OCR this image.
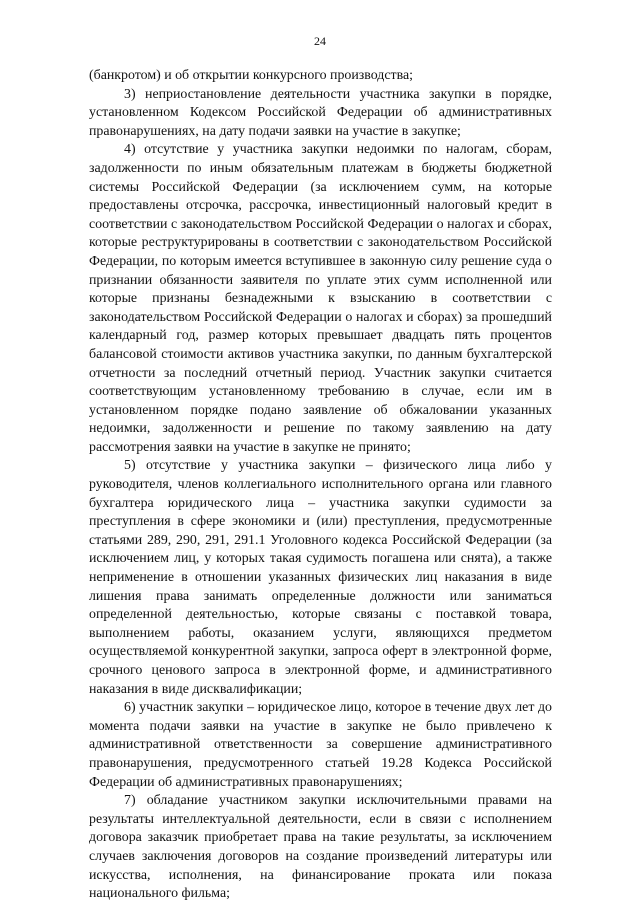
24

(банкротом) и об открытии конкурсного производства;

3) неприостановление деятельности участника закупки в порядке, установленном Кодексом Российской Федерации об административных правонарушениях, на дату подачи заявки на участие в закупке;

4) отсутствие у участника закупки недоимки по налогам, сборам, задолженности по иным обязательным платежам в бюджеты бюджетной системы Российской Федерации (за исключением сумм, на которые предоставлены отсрочка, рассрочка, инвестиционный налоговый кредит в соответствии с законодательством Российской Федерации о налогах и сборах, которые реструктурированы в соответствии с законодательством Российской Федерации, по которым имеется вступившее в законную силу решение суда о признании обязанности заявителя по уплате этих сумм исполненной или которые признаны безнадежными к взысканию в соответствии с законодательством Российской Федерации о налогах и сборах) за прошедший календарный год, размер которых превышает двадцать пять процентов балансовой стоимости активов участника закупки, по данным бухгалтерской отчетности за последний отчетный период. Участник закупки считается соответствующим установленному требованию в случае, если им в установленном порядке подано заявление об обжаловании указанных недоимки, задолженности и решение по такому заявлению на дату рассмотрения заявки на участие в закупке не принято;

5) отсутствие у участника закупки – физического лица либо у руководителя, членов коллегиального исполнительного органа или главного бухгалтера юридического лица – участника закупки судимости за преступления в сфере экономики и (или) преступления, предусмотренные статьями 289, 290, 291, 291.1 Уголовного кодекса Российской Федерации (за исключением лиц, у которых такая судимость погашена или снята), а также неприменение в отношении указанных физических лиц наказания в виде лишения права занимать определенные должности или заниматься определенной деятельностью, которые связаны с поставкой товара, выполнением работы, оказанием услуги, являющихся предметом осуществляемой конкурентной закупки, запроса оферт в электронной форме, срочного ценового запроса в электронной форме, и административного наказания в виде дисквалификации;

6) участник закупки – юридическое лицо, которое в течение двух лет до момента подачи заявки на участие в закупке не было привлечено к административной ответственности за совершение административного правонарушения, предусмотренного статьей 19.28 Кодекса Российской Федерации об административных правонарушениях;

7) обладание участником закупки исключительными правами на результаты интеллектуальной деятельности, если в связи с исполнением договора заказчик приобретает права на такие результаты, за исключением случаев заключения договоров на создание произведений литературы или искусства, исполнения, на финансирование проката или показа национального фильма;
